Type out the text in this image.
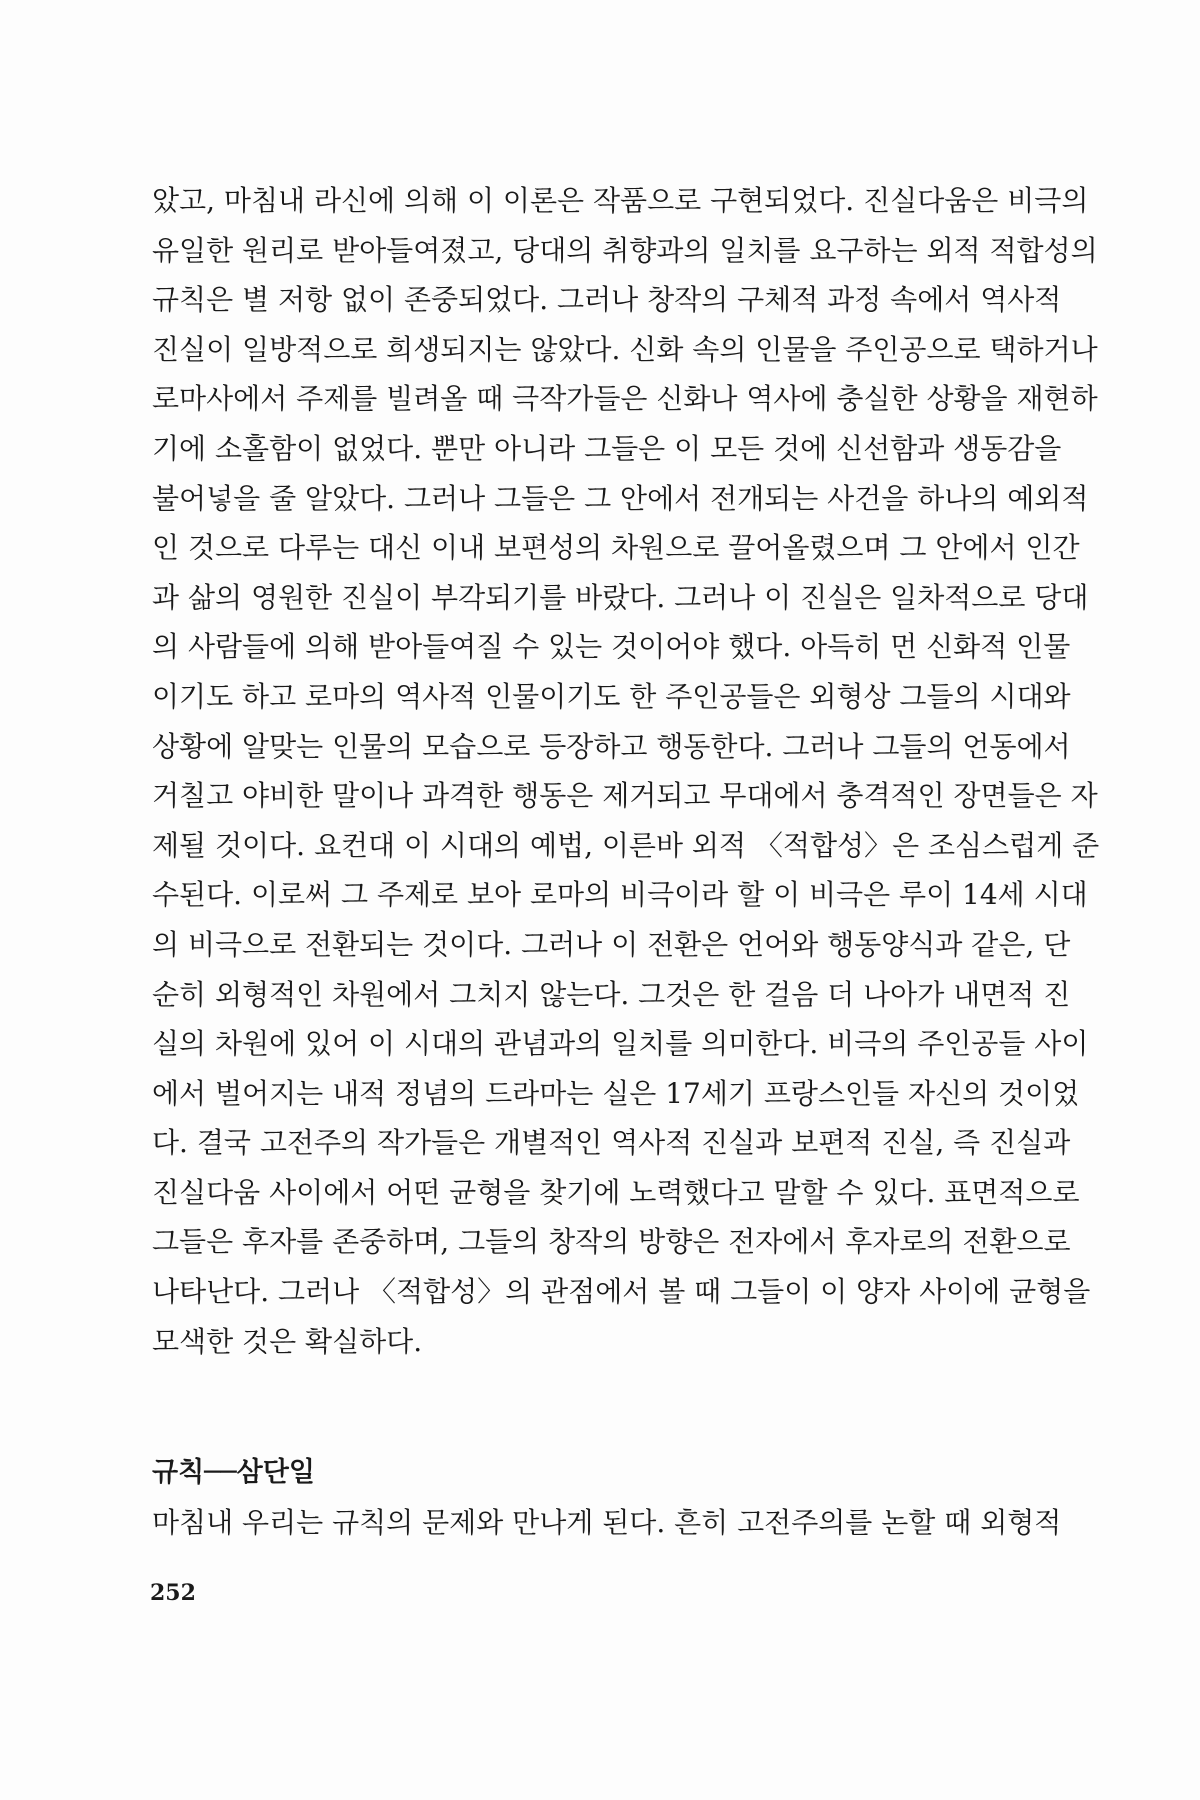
았고, 마침내 라신에 의해 이 이론은 작품으로 구현되었다. 진실다움은 비극의
유일한 원리로 받아들여졌고, 당대의 취향과의 일치를 요구하는 외적 적합성의
규칙은 별 저항 없이 존중되었다. 그러나 창작의 구체적 과정 속에서 역사적
진실이 일방적으로 희생되지는 않았다. 신화 속의 인물을 주인공으로 택하거나
로마사에서 주제를 빌려올 때 극작가들은 신화나 역사에 충실한 상황을 재현하
기에 소홀함이 없었다. 뿐만 아니라 그들은 이 모든 것에 신선함과 생동감을
불어넣을 줄 알았다. 그러나 그들은 그 안에서 전개되는 사건을 하나의 예외적
인 것으로 다루는 대신 이내 보편성의 차원으로 끌어올렸으며 그 안에서 인간
과 삶의 영원한 진실이 부각되기를 바랐다. 그러나 이 진실은 일차적으로 당대
의 사람들에 의해 받아들여질 수 있는 것이어야 했다. 아득히 먼 신화적 인물
이기도 하고 로마의 역사적 인물이기도 한 주인공들은 외형상 그들의 시대와
상황에 알맞는 인물의 모습으로 등장하고 행동한다. 그러나 그들의 언동에서
거칠고 야비한 말이나 과격한 행동은 제거되고 무대에서 충격적인 장면들은 자
제될 것이다. 요컨대 이 시대의 예법, 이른바 외적 〈적합성〉은 조심스럽게 준
수된다. 이로써 그 주제로 보아 로마의 비극이라 할 이 비극은 루이 14세 시대
의 비극으로 전환되는 것이다. 그러나 이 전환은 언어와 행동양식과 같은, 단
순히 외형적인 차원에서 그치지 않는다. 그것은 한 걸음 더 나아가 내면적 진
실의 차원에 있어 이 시대의 관념과의 일치를 의미한다. 비극의 주인공들 사이
에서 벌어지는 내적 정념의 드라마는 실은 17세기 프랑스인들 자신의 것이었
다. 결국 고전주의 작가들은 개별적인 역사적 진실과 보편적 진실, 즉 진실과
진실다움 사이에서 어떤 균형을 찾기에 노력했다고 말할 수 있다. 표면적으로
그들은 후자를 존중하며, 그들의 창작의 방향은 전자에서 후자로의 전환으로
나타난다. 그러나 〈적합성〉의 관점에서 볼 때 그들이 이 양자 사이에 균형을
모색한 것은 확실하다.
규칙──삼단일
마침내 우리는 규칙의 문제와 만나게 된다. 흔히 고전주의를 논할 때 외형적
252
